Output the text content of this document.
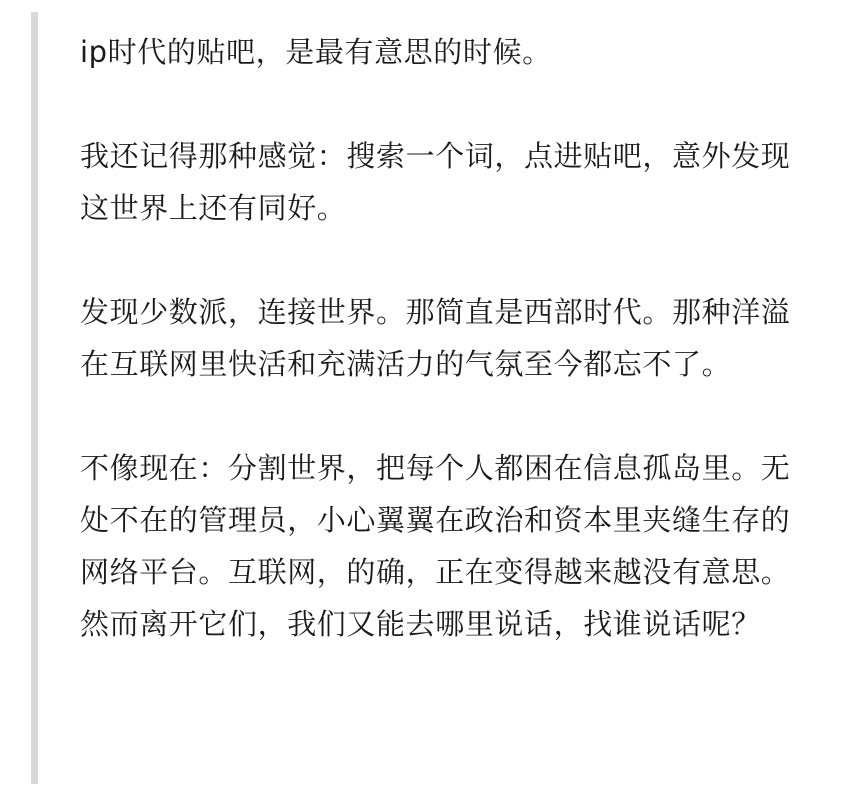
ip时代的贴吧，是最有意思的时候。

我还记得那种感觉：搜索一个词，点进贴吧，意外发现这世界上还有同好。

发现少数派，连接世界。那简直是西部时代。那种洋溢在互联网里快活和充满活力的气氛至今都忘不了。

不像现在：分割世界，把每个人都困在信息孤岛里。无处不在的管理员，小心翼翼在政治和资本里夹缝生存的网络平台。互联网，的确，正在变得越来越没有意思。然而离开它们，我们又能去哪里说话，找谁说话呢？
